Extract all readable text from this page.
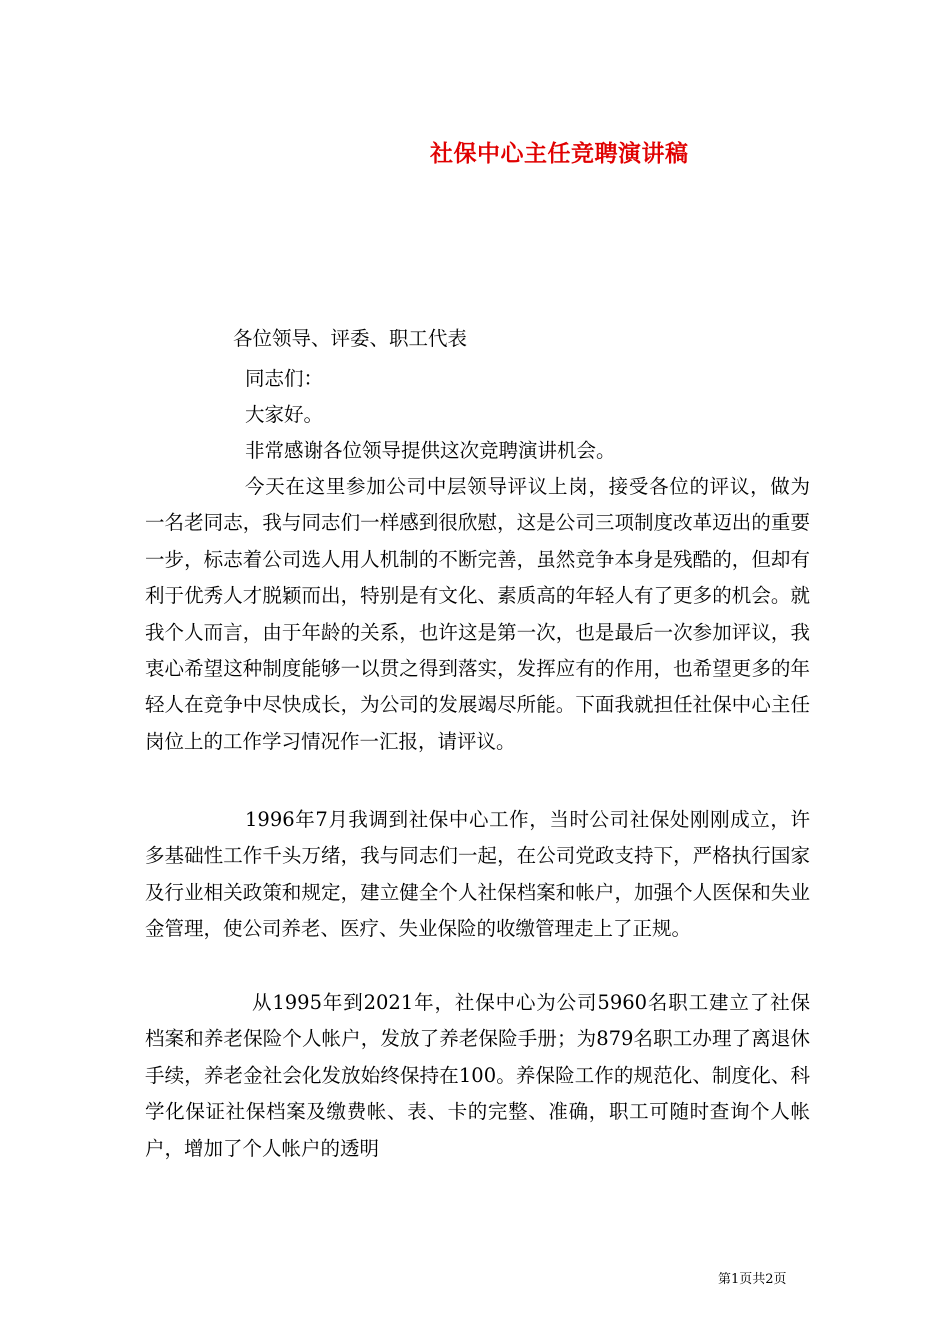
社保中心主任竞聘演讲稿
各位领导、评委、职工代表
同志们：
大家好。
非常感谢各位领导提供这次竞聘演讲机会。

今天在这里参加公司中层领导评议上岗，接受各位的评议，做为一名老同志，我与同志们一样感到很欣慰，这是公司三项制度改革迈出的重要一步，标志着公司选人用人机制的不断完善，虽然竞争本身是残酷的，但却有利于优秀人才脱颖而出，特别是有文化、素质高的年轻人有了更多的机会。就我个人而言，由于年龄的关系，也许这是第一次，也是最后一次参加评议，我衷心希望这种制度能够一以贯之得到落实，发挥应有的作用，也希望更多的年轻人在竞争中尽快成长，为公司的发展竭尽所能。下面我就担任社保中心主任岗位上的工作学习情况作一汇报，请评议。

1996年7月我调到社保中心工作，当时公司社保处刚刚成立，许多基础性工作千头万绪，我与同志们一起，在公司党政支持下，严格执行国家及行业相关政策和规定，建立健全个人社保档案和帐户，加强个人医保和失业金管理，使公司养老、医疗、失业保险的收缴管理走上了正规。

从1995年到2021年，社保中心为公司5960名职工建立了社保档案和养老保险个人帐户，发放了养老保险手册；为879名职工办理了离退休手续，养老金社会化发放始终保持在100。养保险工作的规范化、制度化、科学化保证社保档案及缴费帐、表、卡的完整、准确，职工可随时查询个人帐户，增加了个人帐户的透明

第1页共2页
